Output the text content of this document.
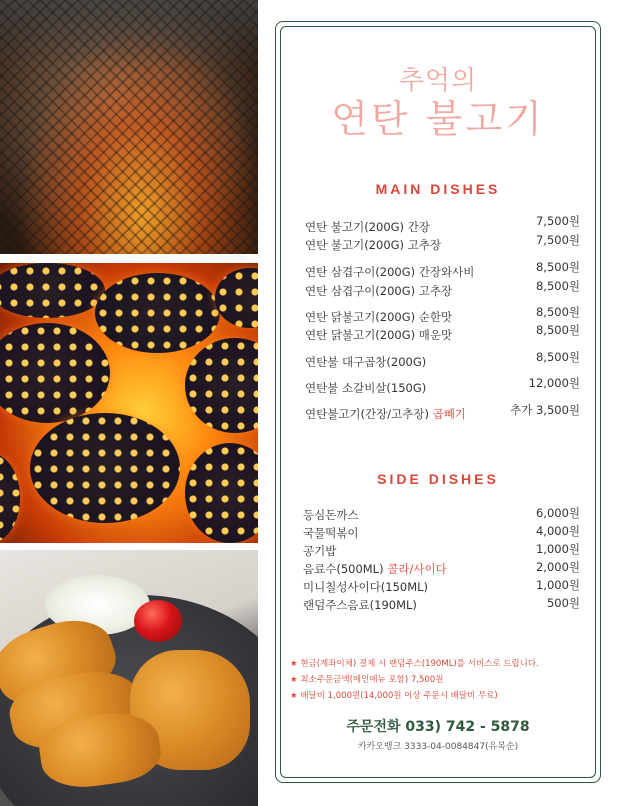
추억의
연탄 불고기
MAIN DISHES
연탄 불고기(200G) 간장	7,500원
연탄 불고기(200G) 고추장	7,500원
연탄 삼겹구이(200G) 간장와사비	8,500원
연탄 삼겹구이(200G) 고추장	8,500원
연탄 닭불고기(200G) 순한맛	8,500원
연탄 닭불고기(200G) 매운맛	8,500원
연탄불 대구곱창(200G)	8,500원
연탄불 소갈비살(150G)	12,000원
연탄불고기(간장/고추장) 곱빼기	추가 3,500원
SIDE DISHES
등심돈까스	6,000원
국물떡볶이	4,000원
공기밥	1,000원
음료수(500ML) 콜라/사이다	2,000원
미니칠성사이다(150ML)	1,000원
랜덤주스음료(190ML)	500원
★ 현금(계좌이체) 결제 시 랜덤주스(190ML)를 서비스로 드립니다.
★ 최소주문금액(메인메뉴 포함) 7,500원
★ 배달비 1,000원(14,000원 이상 주문시 배달비 무료)
주문전화 033) 742 - 5878
카카오뱅크 3333-04-0084847(유복순)
